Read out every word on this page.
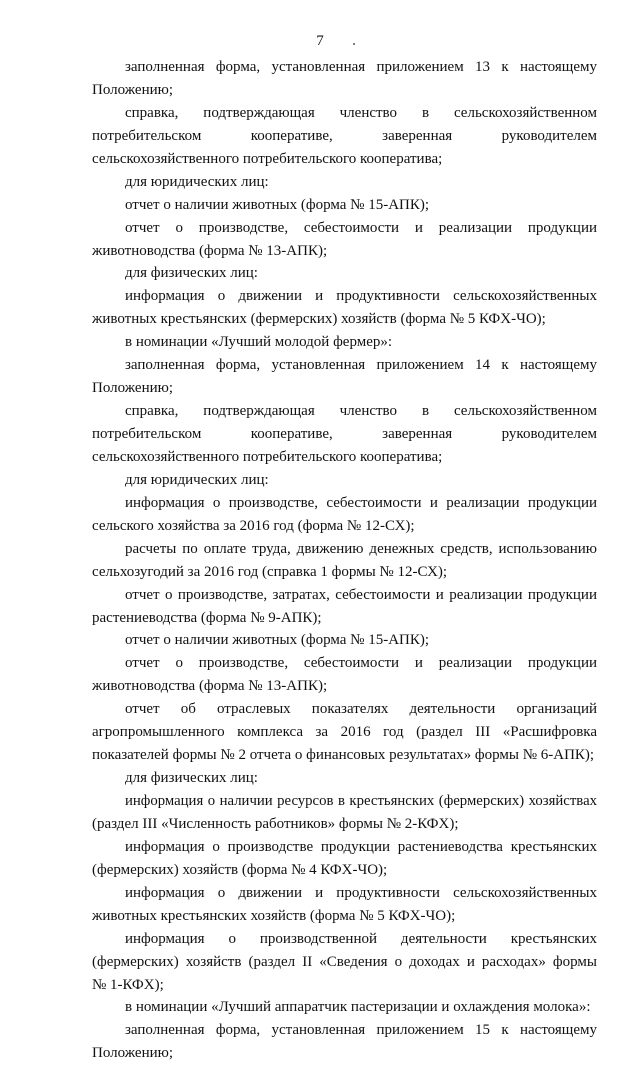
7
заполненная форма, установленная приложением 13 к настоящему
Положению;
справка, подтверждающая членство в сельскохозяйственном
потребительском кооперативе, заверенная руководителем
сельскохозяйственного потребительского кооператива;
для юридических лиц:
отчет о наличии животных (форма № 15-АПК);
отчет о производстве, себестоимости и реализации продукции
животноводства (форма № 13-АПК);
для физических лиц:
информация о движении и продуктивности сельскохозяйственных
животных крестьянских (фермерских) хозяйств (форма № 5 КФХ-ЧО);
в номинации «Лучший молодой фермер»:
заполненная форма, установленная приложением 14 к настоящему
Положению;
справка, подтверждающая членство в сельскохозяйственном
потребительском кооперативе, заверенная руководителем
сельскохозяйственного потребительского кооператива;
для юридических лиц:
информация о производстве, себестоимости и реализации продукции
сельского хозяйства за 2016 год (форма № 12-СХ);
расчеты по оплате труда, движению денежных средств, использованию
сельхозугодий за 2016 год (справка 1 формы № 12-СХ);
отчет о производстве, затратах, себестоимости и реализации продукции
растениеводства (форма № 9-АПК);
отчет о наличии животных (форма № 15-АПК);
отчет о производстве, себестоимости и реализации продукции
животноводства (форма № 13-АПК);
отчет об отраслевых показателях деятельности организаций
агропромышленного комплекса за 2016 год (раздел III «Расшифровка
показателей формы № 2 отчета о финансовых результатах» формы № 6-АПК);
для физических лиц:
информация о наличии ресурсов в крестьянских (фермерских) хозяйствах
(раздел III «Численность работников» формы № 2-КФХ);
информация о производстве продукции растениеводства крестьянских
(фермерских) хозяйств (форма № 4 КФХ-ЧО);
информация о движении и продуктивности сельскохозяйственных
животных крестьянских хозяйств (форма № 5 КФХ-ЧО);
информация о производственной деятельности крестьянских
(фермерских) хозяйств (раздел II «Сведения о доходах и расходах» формы
№ 1-КФХ);
в номинации «Лучший аппаратчик пастеризации и охлаждения молока»:
заполненная форма, установленная приложением 15 к настоящему
Положению;
